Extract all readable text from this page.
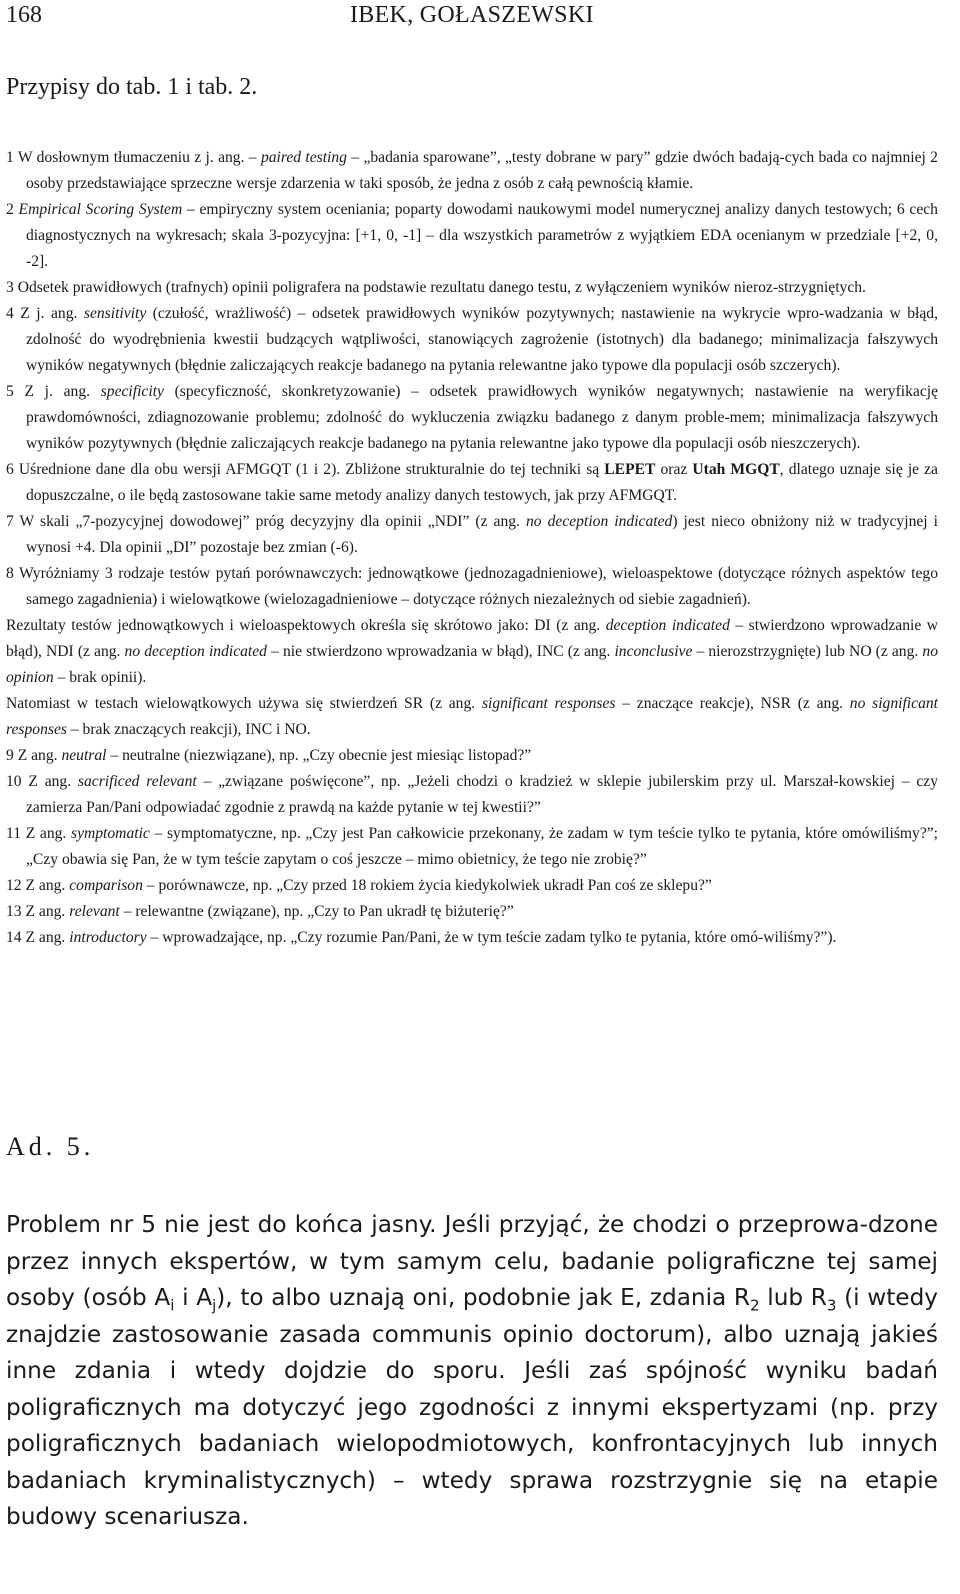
168	IBEK, GOŁASZEWSKI
Przypisy do tab. 1 i tab. 2.

1 W dosłownym tłumaczeniu z j. ang. – paired testing – „badania sparowane”, „testy dobrane w pary” gdzie dwóch badają-cych bada co najmniej 2 osoby przedstawiające sprzeczne wersje zdarzenia w taki sposób, że jedna z osób z całą pewnością kłamie.

2 Empirical Scoring System – empiryczny system oceniania; poparty dowodami naukowymi model numerycznej analizy danych testowych; 6 cech diagnostycznych na wykresach; skala 3-pozycyjna: [+1, 0, -1] – dla wszystkich parametrów z wyjątkiem EDA ocenianym w przedziale [+2, 0, -2].

3 Odsetek prawidłowych (trafnych) opinii poligrafera na podstawie rezultatu danego testu, z wyłączeniem wyników nieroz-strzygniętych.

4 Z j. ang. sensitivity (czułość, wrażliwość) – odsetek prawidłowych wyników pozytywnych; nastawienie na wykrycie wpro-wadzania w błąd, zdolność do wyodrębnienia kwestii budzących wątpliwości, stanowiących zagrożenie (istotnych) dla badanego; minimalizacja fałszywych wyników negatywnych (błędnie zaliczających reakcje badanego na pytania relewantne jako typowe dla populacji osób szczerych).

5 Z j. ang. specificity (specyficzność, skonkretyzowanie) – odsetek prawidłowych wyników negatywnych; nastawienie na weryfikację prawdomówności, zdiagnozowanie problemu; zdolność do wykluczenia związku badanego z danym proble-mem; minimalizacja fałszywych wyników pozytywnych (błędnie zaliczających reakcje badanego na pytania relewantne jako typowe dla populacji osób nieszczerych).

6 Uśrednione dane dla obu wersji AFMGQT (1 i 2). Zbliżone strukturalnie do tej techniki są LEPET oraz Utah MGQT, dlatego uznaje się je za dopuszczalne, o ile będą zastosowane takie same metody analizy danych testowych, jak przy AFMGQT.

7 W skali „7-pozycyjnej dowodowej” próg decyzyjny dla opinii „NDI” (z ang. no deception indicated) jest nieco obniżony niż w tradycyjnej i wynosi +4. Dla opinii „DI” pozostaje bez zmian (-6).

8 Wyróżniamy 3 rodzaje testów pytań porównawczych: jednowątkowe (jednozagadnieniowe), wieloaspektowe (dotyczące różnych aspektów tego samego zagadnienia) i wielowątkowe (wielozagadnieniowe – dotyczące różnych niezależnych od siebie zagadnień).

Rezultaty testów jednowątkowych i wieloaspektowych określa się skrótowo jako: DI (z ang. deception indicated – stwierdzono wprowadzanie w błąd), NDI (z ang. no deception indicated – nie stwierdzono wprowadzania w błąd), INC (z ang. inconclusive – nierozstrzygnięte) lub NO (z ang. no opinion – brak opinii).

Natomiast w testach wielowątkowych używa się stwierdzeń SR (z ang. significant responses – znaczące reakcje), NSR (z ang. no significant responses – brak znaczących reakcji), INC i NO.

9 Z ang. neutral – neutralne (niezwiązane), np. „Czy obecnie jest miesiąc listopad?”

10 Z ang. sacrificed relevant – „związane poświęcone”, np. „Jeżeli chodzi o kradzież w sklepie jubilerskim przy ul. Marszał-kowskiej – czy zamierza Pan/Pani odpowiadać zgodnie z prawdą na każde pytanie w tej kwestii?”

11 Z ang. symptomatic – symptomatyczne, np. „Czy jest Pan całkowicie przekonany, że zadam w tym teście tylko te pytania, które omówiliśmy?”; „Czy obawia się Pan, że w tym teście zapytam o coś jeszcze – mimo obietnicy, że tego nie zrobię?”

12 Z ang. comparison – porównawcze, np. „Czy przed 18 rokiem życia kiedykolwiek ukradł Pan coś ze sklepu?”

13 Z ang. relevant – relewantne (związane), np. „Czy to Pan ukradł tę biżuterię?”

14 Z ang. introductory – wprowadzające, np. „Czy rozumie Pan/Pani, że w tym teście zadam tylko te pytania, które omó-wiliśmy?”).

Ad. 5.

Problem nr 5 nie jest do końca jasny. Jeśli przyjąć, że chodzi o przeprowa-dzone przez innych ekspertów, w tym samym celu, badanie poligraficzne tej samej osoby (osób $A_i$ i $A_j$), to albo uznają oni, podobnie jak E, zdania $R_2$ lub $R_3$ (i wtedy znajdzie zastosowanie zasada communis opinio doctorum), albo uznają jakieś inne zdania i wtedy dojdzie do sporu. Jeśli zaś spójność wyniku badań poligraficznych ma dotyczyć jego zgodności z innymi ekspertyzami (np. przy poligraficznych badaniach wielopodmiotowych, konfrontacyjnych lub innych badaniach kryminalistycznych) – wtedy sprawa rozstrzygnie się na etapie budowy scenariusza.
